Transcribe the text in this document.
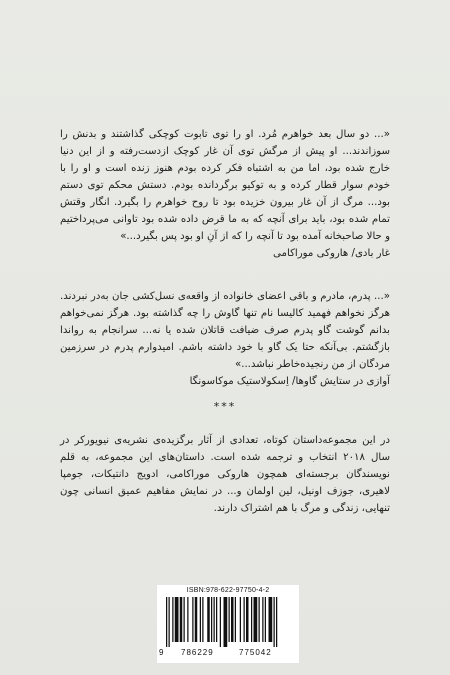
«... دو سال بعد خواهرم مُرد. او را توی تابوت کوچکی گذاشتند و بدنش را سوزاندند... او پیش از مرگش توی آن غار کوچک ازدست‌رفته و از این دنیا خارج شده بود، اما من به اشتباه فکر کرده بودم هنوز زنده است و او را با خودم سوار قطار کرده و به توکیو برگردانده بودم. دستش محکم توی دستم بود... مرگ از آن غار بیرون خزیده بود تا روح خواهرم را بگیرد. انگار وقتش تمام شده بود، باید برای آنچه که به ما قرض داده شده بود تاوانی می‌پرداختیم و حالا صاحبخانه آمده بود تا آنچه را که از آنِ او بود پس بگیرد...»

غار بادی/ هاروکی موراکامی

«... پدرم، مادرم و باقی اعضای خانواده از واقعه‌ی نسل‌کشی جان به‌در نبردند. هرگز نخواهم فهمید کالیسا نام تنها گاوش را چه گذاشته بود. هرگز نمی‌خواهم بدانم گوشت گاو پدرم صرف ضیافت قاتلان شده یا نه... سرانجام به رواندا بازگشتم. بی‌آنکه حتا یک گاو با خود داشته باشم. امیدوارم پدرم در سرزمین مردگان از من رنجیده‌خاطر نباشد...»

آوازی در ستایش گاوها/ اِسکولاستیک موکاسونگا
***

در این مجموعه‌داستان کوتاه، تعدادی از آثار برگزیده‌ی نشریه‌ی نیویورکر در سال ۲۰۱۸ انتخاب و ترجمه شده است. داستان‌های این مجموعه، به قلم نویسندگان برجسته‌ای همچون هاروکی موراکامی، ادویج دانتیکات، جومپا لاهیری، جوزف اونیل، لین اولمان و... در نمایش مفاهیم عمیق انسانی چون تنهایی، زندگی و مرگ با هم اشتراک دارند.

ISBN:978-622-97750-4-2
9 786229	775042
